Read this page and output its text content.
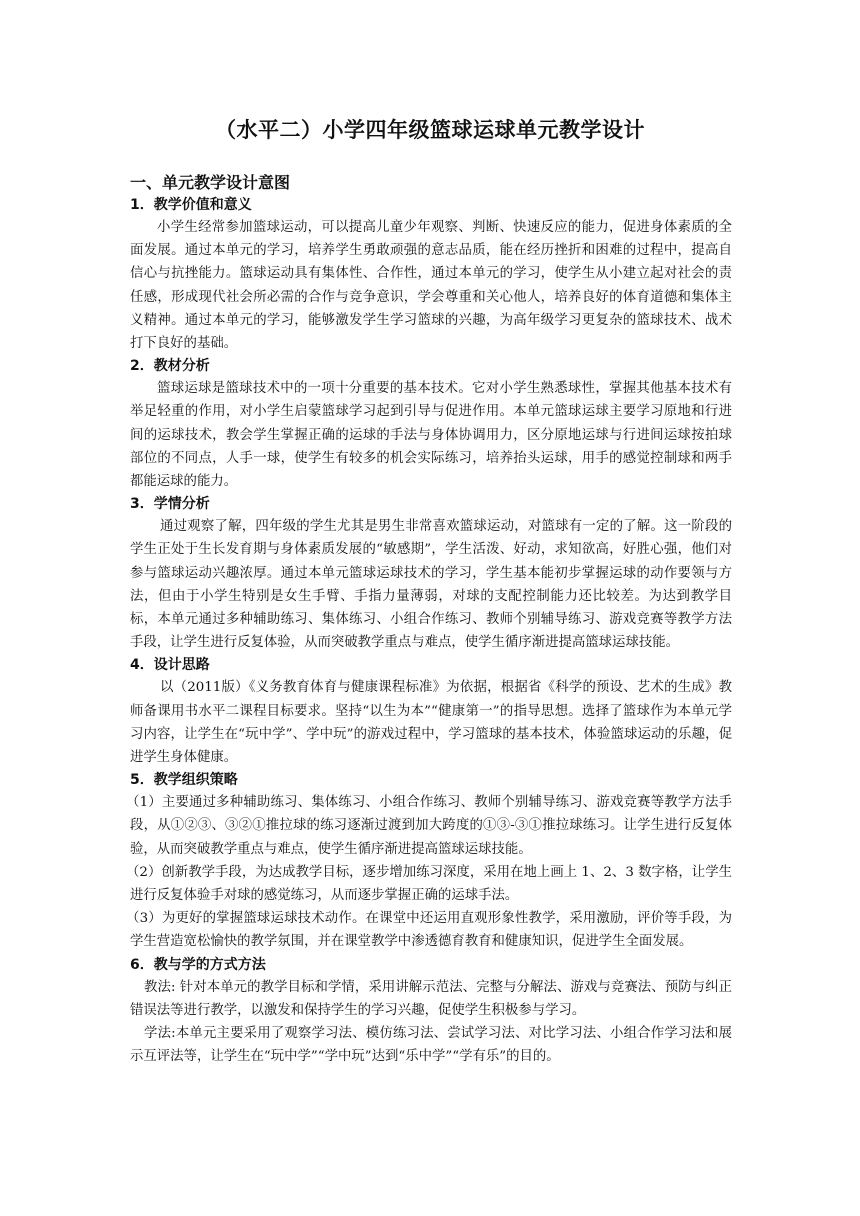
（水平二）小学四年级篮球运球单元教学设计
一、单元教学设计意图
1．教学价值和意义

小学生经常参加篮球运动，可以提高儿童少年观察、判断、快速反应的能力，促进身体素质的全面发展。通过本单元的学习，培养学生勇敢顽强的意志品质，能在经历挫折和困难的过程中，提高自信心与抗挫能力。篮球运动具有集体性、合作性，通过本单元的学习，使学生从小建立起对社会的责任感，形成现代社会所必需的合作与竞争意识，学会尊重和关心他人，培养良好的体育道德和集体主义精神。通过本单元的学习，能够激发学生学习篮球的兴趣，为高年级学习更复杂的篮球技术、战术打下良好的基础。

2．教材分析

篮球运球是篮球技术中的一项十分重要的基本技术。它对小学生熟悉球性，掌握其他基本技术有举足轻重的作用，对小学生启蒙篮球学习起到引导与促进作用。本单元篮球运球主要学习原地和行进间的运球技术，教会学生掌握正确的运球的手法与身体协调用力，区分原地运球与行进间运球按拍球部位的不同点，人手一球，使学生有较多的机会实际练习，培养抬头运球，用手的感觉控制球和两手都能运球的能力。

3．学情分析

通过观察了解，四年级的学生尤其是男生非常喜欢篮球运动，对篮球有一定的了解。这一阶段的学生正处于生长发育期与身体素质发展的“敏感期”，学生活泼、好动，求知欲高，好胜心强，他们对参与篮球运动兴趣浓厚。通过本单元篮球运球技术的学习，学生基本能初步掌握运球的动作要领与方法，但由于小学生特别是女生手臂、手指力量薄弱，对球的支配控制能力还比较差。为达到教学目标，本单元通过多种辅助练习、集体练习、小组合作练习、教师个别辅导练习、游戏竞赛等教学方法手段，让学生进行反复体验，从而突破教学重点与难点，使学生循序渐进提高篮球运球技能。

4．设计思路

以（2011版）《义务教育体育与健康课程标准》为依据，根据省《科学的预设、艺术的生成》教师备课用书水平二课程目标要求。坚持“以生为本”“健康第一”的指导思想。选择了篮球作为本单元学习内容，让学生在“玩中学”、学中玩”的游戏过程中，学习篮球的基本技术，体验篮球运动的乐趣，促进学生身体健康。

5．教学组织策略

（1）主要通过多种辅助练习、集体练习、小组合作练习、教师个别辅导练习、游戏竞赛等教学方法手段，从①②③、③②①推拉球的练习逐渐过渡到加大跨度的①③-③①推拉球练习。让学生进行反复体验，从而突破教学重点与难点，使学生循序渐进提高篮球运球技能。

（2）创新教学手段，为达成教学目标，逐步增加练习深度，采用在地上画上 1、2、3 数字格，让学生进行反复体验手对球的感觉练习，从而逐步掌握正确的运球手法。

（3）为更好的掌握篮球运球技术动作。在课堂中还运用直观形象性教学，采用激励，评价等手段，为学生营造宽松愉快的教学氛围，并在课堂教学中渗透德育教育和健康知识，促进学生全面发展。

6．教与学的方式方法

教法: 针对本单元的教学目标和学情，采用讲解示范法、完整与分解法、游戏与竞赛法、预防与纠正错误法等进行教学，以激发和保持学生的学习兴趣，促使学生积极参与学习。

学法:本单元主要采用了观察学习法、模仿练习法、尝试学习法、对比学习法、小组合作学习法和展示互评法等，让学生在“玩中学”“学中玩”达到“乐中学”“学有乐”的目的。
